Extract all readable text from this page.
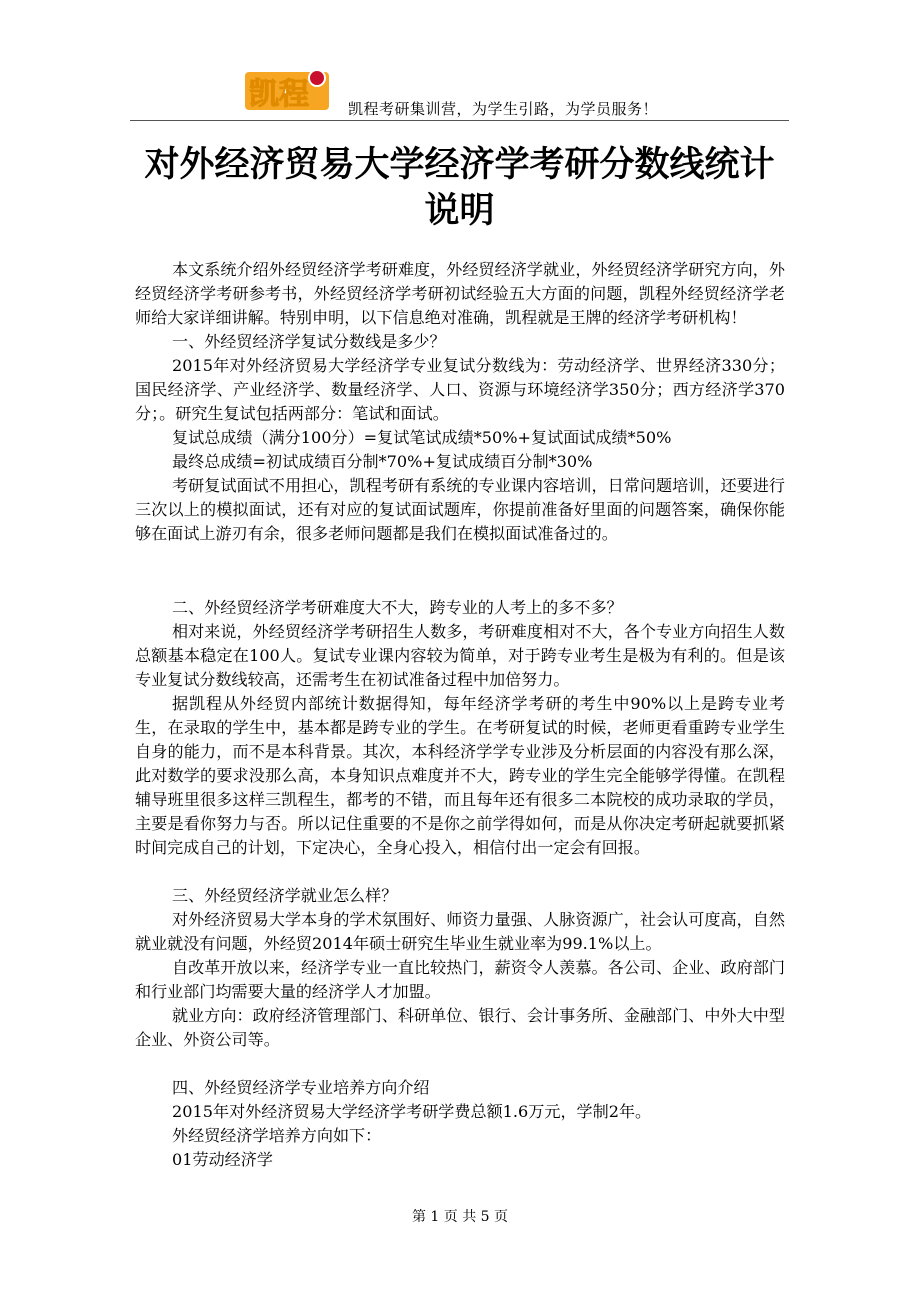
凯程	凯程考研集训营，为学生引路，为学员服务！
对外经济贸易大学经济学考研分数线统计说明

本文系统介绍外经贸经济学考研难度，外经贸经济学就业，外经贸经济学研究方向，外经贸经济学考研参考书，外经贸经济学考研初试经验五大方面的问题，凯程外经贸经济学老师给大家详细讲解。特别申明，以下信息绝对准确，凯程就是王牌的经济学考研机构！

一、外经贸经济学复试分数线是多少？

2015年对外经济贸易大学经济学专业复试分数线为：劳动经济学、世界经济330分；国民经济学、产业经济学、数量经济学、人口、资源与环境经济学350分；西方经济学370分；。研究生复试包括两部分：笔试和面试。

复试总成绩（满分100分）=复试笔试成绩*50%+复试面试成绩*50%

最终总成绩=初试成绩百分制*70%+复试成绩百分制*30%

考研复试面试不用担心，凯程考研有系统的专业课内容培训，日常问题培训，还要进行三次以上的模拟面试，还有对应的复试面试题库，你提前准备好里面的问题答案，确保你能够在面试上游刃有余，很多老师问题都是我们在模拟面试准备过的。

二、外经贸经济学考研难度大不大，跨专业的人考上的多不多？

相对来说，外经贸经济学考研招生人数多，考研难度相对不大，各个专业方向招生人数总额基本稳定在100人。复试专业课内容较为简单，对于跨专业考生是极为有利的。但是该专业复试分数线较高，还需考生在初试准备过程中加倍努力。

据凯程从外经贸内部统计数据得知，每年经济学考研的考生中90%以上是跨专业考生，在录取的学生中，基本都是跨专业的学生。在考研复试的时候，老师更看重跨专业学生自身的能力，而不是本科背景。其次，本科经济学学专业涉及分析层面的内容没有那么深，此对数学的要求没那么高，本身知识点难度并不大，跨专业的学生完全能够学得懂。在凯程辅导班里很多这样三凯程生，都考的不错，而且每年还有很多二本院校的成功录取的学员，主要是看你努力与否。所以记住重要的不是你之前学得如何，而是从你决定考研起就要抓紧时间完成自己的计划，下定决心，全身心投入，相信付出一定会有回报。

三、外经贸经济学就业怎么样？

对外经济贸易大学本身的学术氛围好、师资力量强、人脉资源广，社会认可度高，自然就业就没有问题，外经贸2014年硕士研究生毕业生就业率为99.1%以上。

自改革开放以来，经济学专业一直比较热门，薪资令人羡慕。各公司、企业、政府部门和行业部门均需要大量的经济学人才加盟。

就业方向：政府经济管理部门、科研单位、银行、会计事务所、金融部门、中外大中型企业、外资公司等。

四、外经贸经济学专业培养方向介绍

2015年对外经济贸易大学经济学考研学费总额1.6万元，学制2年。

外经贸经济学培养方向如下：

01劳动经济学

第 1 页 共 5 页
